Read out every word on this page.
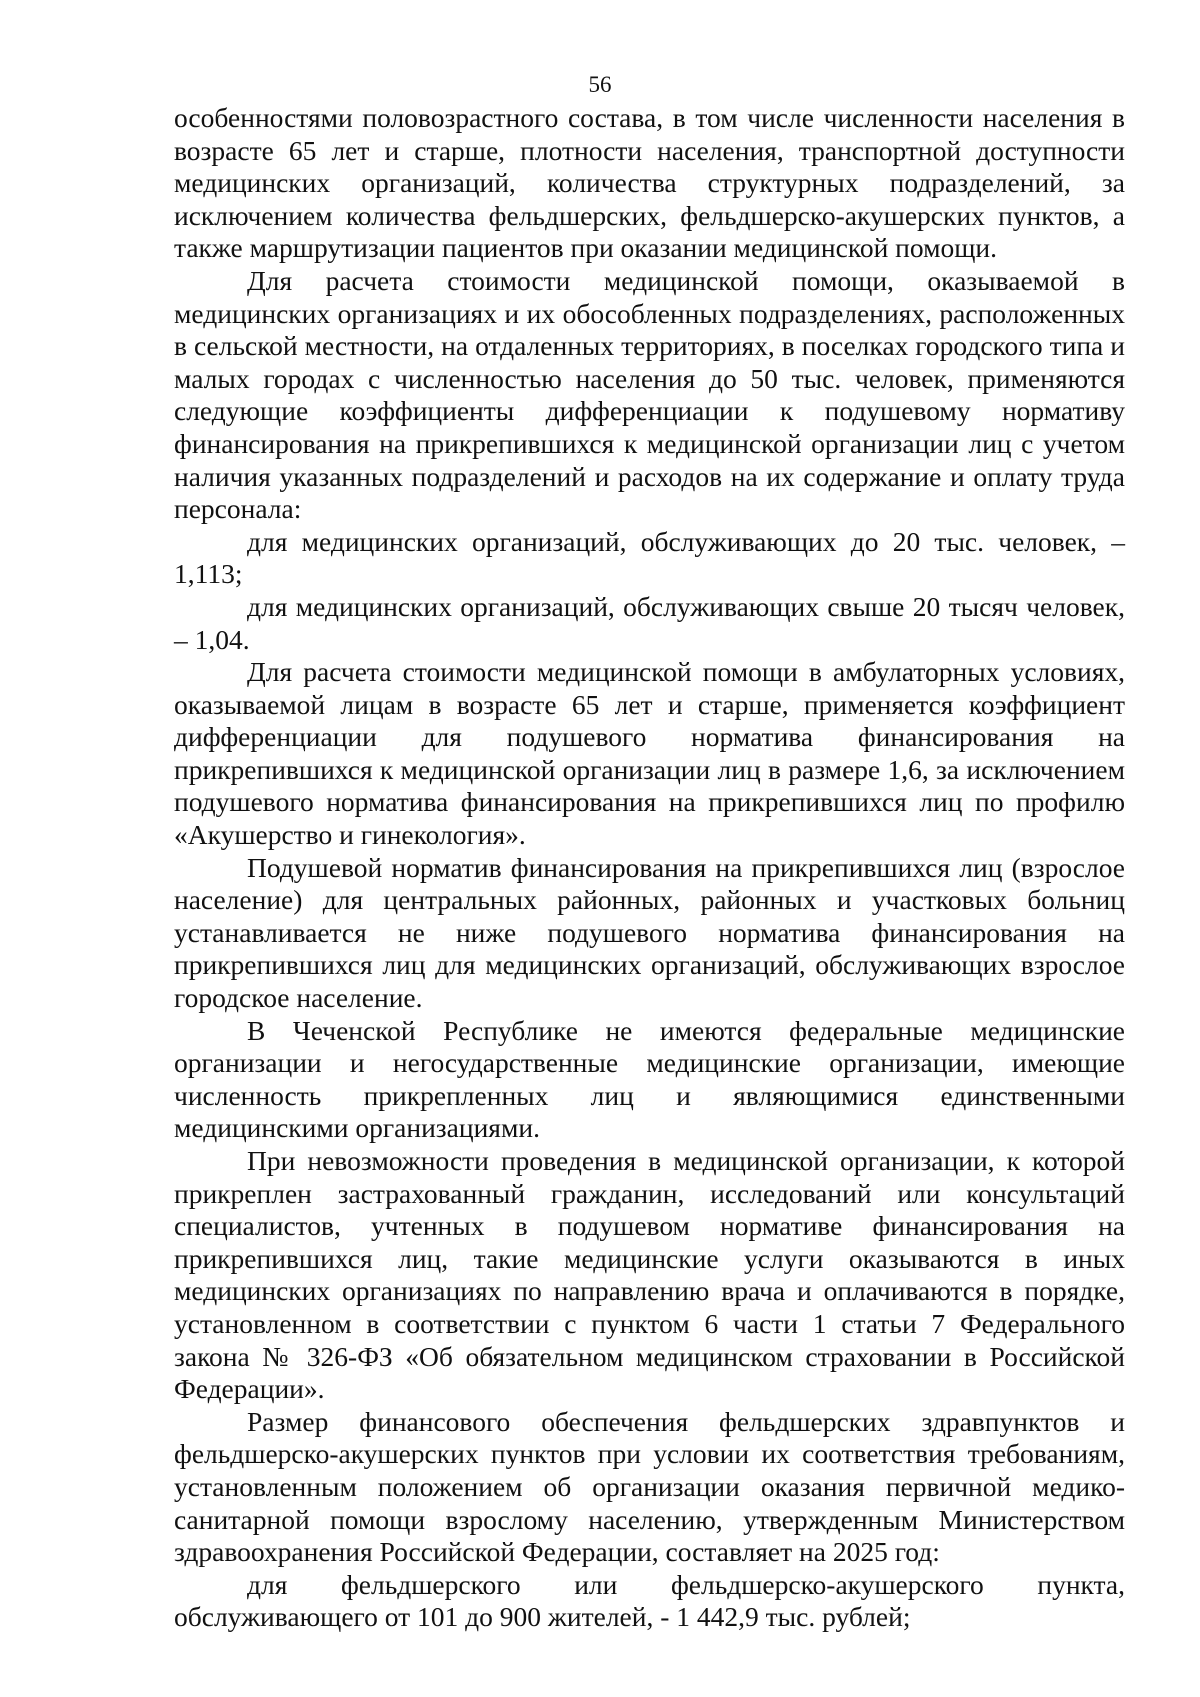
56

особенностями половозрастного состава, в том числе численности населения в возрасте 65 лет и старше, плотности населения, транспортной доступности медицинских организаций, количества структурных подразделений, за исключением количества фельдшерских, фельдшерско-акушерских пунктов, а также маршрутизации пациентов при оказании медицинской помощи.

Для расчета стоимости медицинской помощи, оказываемой в медицинских организациях и их обособленных подразделениях, расположенных в сельской местности, на отдаленных территориях, в поселках городского типа и малых городах с численностью населения до 50 тыс. человек, применяются следующие коэффициенты дифференциации к подушевому нормативу финансирования на прикрепившихся к медицинской организации лиц с учетом наличия указанных подразделений и расходов на их содержание и оплату труда персонала:

для медицинских организаций, обслуживающих до 20 тыс. человек, – 1,113;

для медицинских организаций, обслуживающих свыше 20 тысяч человек, – 1,04.

Для расчета стоимости медицинской помощи в амбулаторных условиях, оказываемой лицам в возрасте 65 лет и старше, применяется коэффициент дифференциации для подушевого норматива финансирования на прикрепившихся к медицинской организации лиц в размере 1,6, за исключением подушевого норматива финансирования на прикрепившихся лиц по профилю «Акушерство и гинекология».

Подушевой норматив финансирования на прикрепившихся лиц (взрослое население) для центральных районных, районных и участковых больниц устанавливается не ниже подушевого норматива финансирования на прикрепившихся лиц для медицинских организаций, обслуживающих взрослое городское население.

В Чеченской Республике не имеются федеральные медицинские организации и негосударственные медицинские организации, имеющие численность прикрепленных лиц и являющимися единственными медицинскими организациями.

При невозможности проведения в медицинской организации, к которой прикреплен застрахованный гражданин, исследований или консультаций специалистов, учтенных в подушевом нормативе финансирования на прикрепившихся лиц, такие медицинские услуги оказываются в иных медицинских организациях по направлению врача и оплачиваются в порядке, установленном в соответствии с пунктом 6 части 1 статьи 7 Федерального закона № 326-ФЗ «Об обязательном медицинском страховании в Российской Федерации».

Размер финансового обеспечения фельдшерских здравпунктов и фельдшерско-акушерских пунктов при условии их соответствия требованиям, установленным положением об организации оказания первичной медико-санитарной помощи взрослому населению, утвержденным Министерством здравоохранения Российской Федерации, составляет на 2025 год:

для фельдшерского или фельдшерско-акушерского пункта, обслуживающего от 101 до 900 жителей, - 1 442,9 тыс. рублей;
